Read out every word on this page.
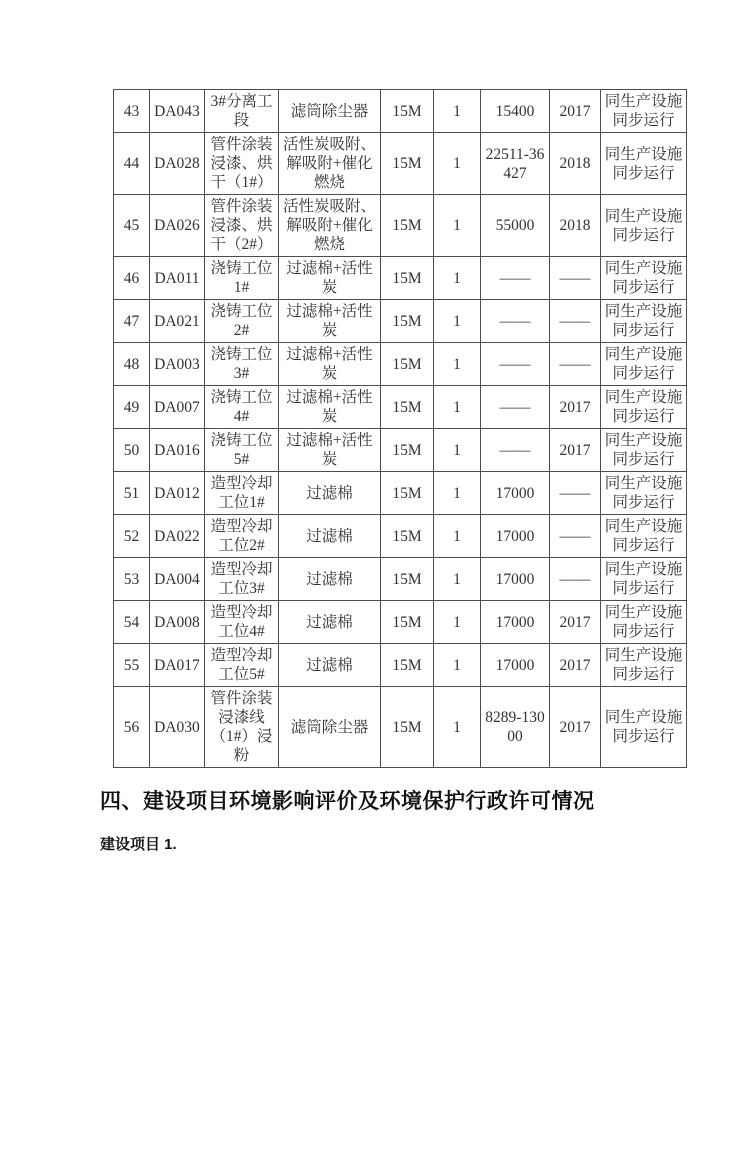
43	DA043	3#分离工段	滤筒除尘器	15M	1	15400	2017	同生产设施同步运行
44	DA028	管件涂装浸漆、烘干（1#）	活性炭吸附、解吸附+催化燃烧	15M	1	22511-36427	2018	同生产设施同步运行
45	DA026	管件涂装浸漆、烘干（2#）	活性炭吸附、解吸附+催化燃烧	15M	1	55000	2018	同生产设施同步运行
46	DA011	浇铸工位 1#	过滤棉+活性炭	15M	1	——	——	同生产设施同步运行
47	DA021	浇铸工位 2#	过滤棉+活性炭	15M	1	——	——	同生产设施同步运行
48	DA003	浇铸工位 3#	过滤棉+活性炭	15M	1	——	——	同生产设施同步运行
49	DA007	浇铸工位 4#	过滤棉+活性炭	15M	1	——	2017	同生产设施同步运行
50	DA016	浇铸工位 5#	过滤棉+活性炭	15M	1	——	2017	同生产设施同步运行
51	DA012	造型冷却工位1#	过滤棉	15M	1	17000	——	同生产设施同步运行
52	DA022	造型冷却工位2#	过滤棉	15M	1	17000	——	同生产设施同步运行
53	DA004	造型冷却工位3#	过滤棉	15M	1	17000	——	同生产设施同步运行
54	DA008	造型冷却工位4#	过滤棉	15M	1	17000	2017	同生产设施同步运行
55	DA017	造型冷却工位5#	过滤棉	15M	1	17000	2017	同生产设施同步运行
56	DA030	管件涂装浸漆线（1#）浸粉	滤筒除尘器	15M	1	8289-13000	2017	同生产设施同步运行
四、建设项目环境影响评价及环境保护行政许可情况
建设项目 1.
